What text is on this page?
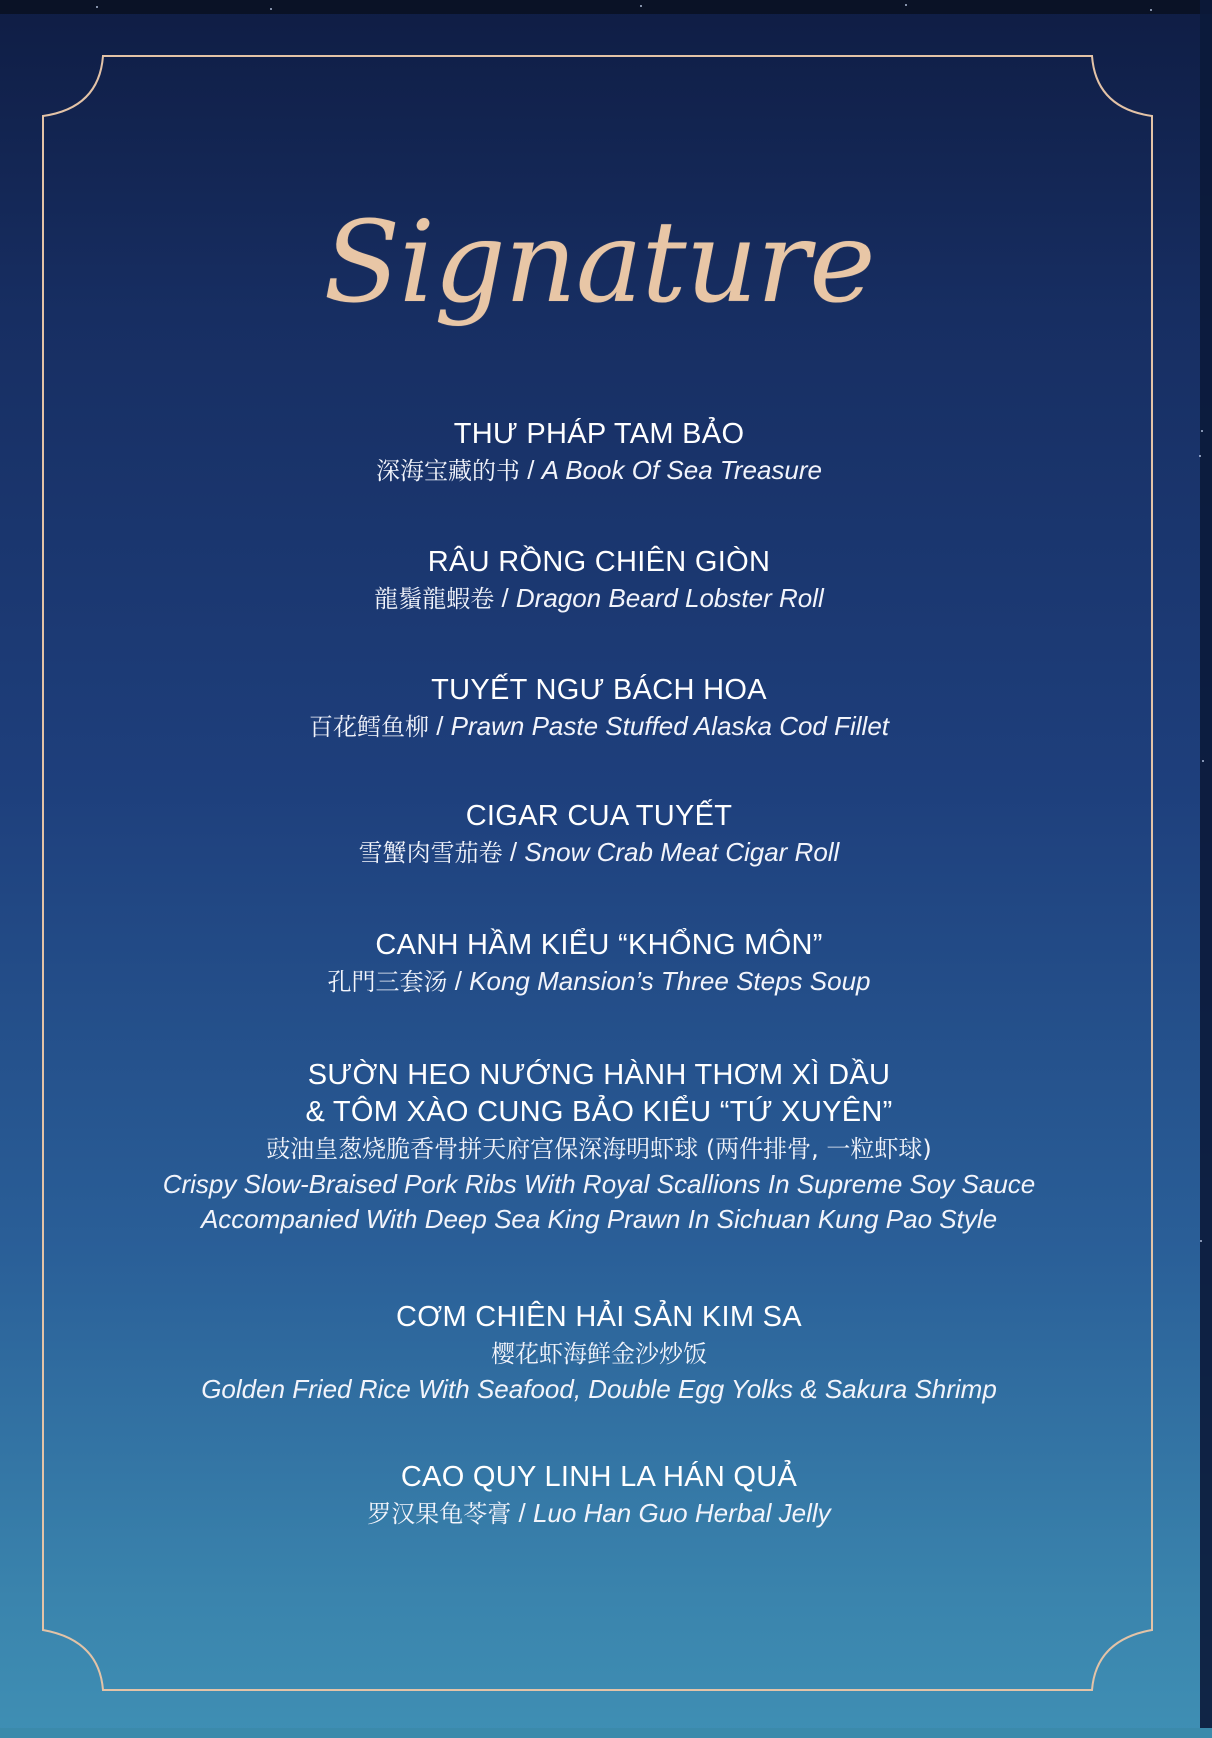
Signature

THƯ PHÁP TAM BẢO

深海宝藏的书 / A Book Of Sea Treasure

RÂU RỒNG CHIÊN GIÒN

龍鬚龍蝦卷 / Dragon Beard Lobster Roll

TUYẾT NGƯ BÁCH HOA

百花鳕鱼柳 / Prawn Paste Stuffed Alaska Cod Fillet

CIGAR CUA TUYẾT

雪蟹肉雪茄卷 / Snow Crab Meat Cigar Roll

CANH HẦM KIỂU “KHỔNG MÔN”

孔門三套汤 / Kong Mansion’s Three Steps Soup

SƯỜN HEO NƯỚNG HÀNH THƠM XÌ DẦU

& TÔM XÀO CUNG BẢO KIỂU “TỨ XUYÊN”

豉油皇葱烧脆香骨拼天府宫保深海明虾球 (两件排骨, 一粒虾球)

Crispy Slow-Braised Pork Ribs With Royal Scallions In Supreme Soy Sauce

Accompanied With Deep Sea King Prawn In Sichuan Kung Pao Style

CƠM CHIÊN HẢI SẢN KIM SA

樱花虾海鲜金沙炒饭

Golden Fried Rice With Seafood, Double Egg Yolks & Sakura Shrimp

CAO QUY LINH LA HÁN QUẢ

罗汉果龟苓膏 / Luo Han Guo Herbal Jelly
